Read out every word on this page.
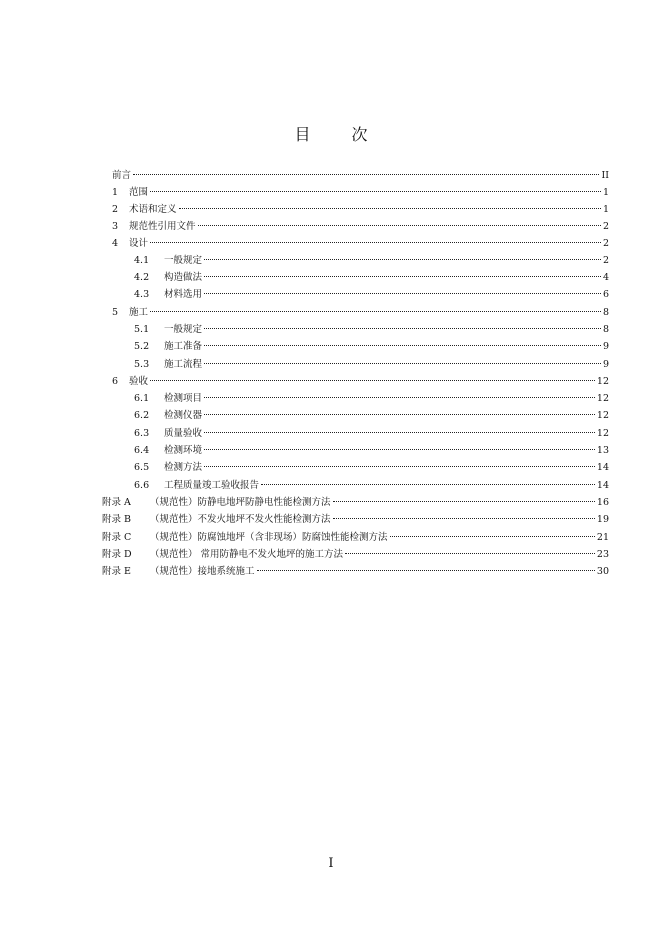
目 次
前言	II
1	范围	1
2	术语和定义	1
3	规范性引用文件	2
4	设计	2
4.1	一般规定	2
4.2	构造做法	4
4.3	材料选用	6
5	施工	8
5.1	一般规定	8
5.2	施工准备	9
5.3	施工流程	9
6	验收	12
6.1	检测项目	12
6.2	检测仪器	12
6.3	质量验收	12
6.4	检测环境	13
6.5	检测方法	14
6.6	工程质量竣工验收报告	14
附录 A	（规范性）防静电地坪防静电性能检测方法	16
附录 B	（规范性）不发火地坪不发火性能检测方法	19
附录 C	（规范性）防腐蚀地坪（含非现场）防腐蚀性能检测方法	21
附录 D	（规范性） 常用防静电不发火地坪的施工方法	23
附录 E	（规范性）接地系统施工	30
I
